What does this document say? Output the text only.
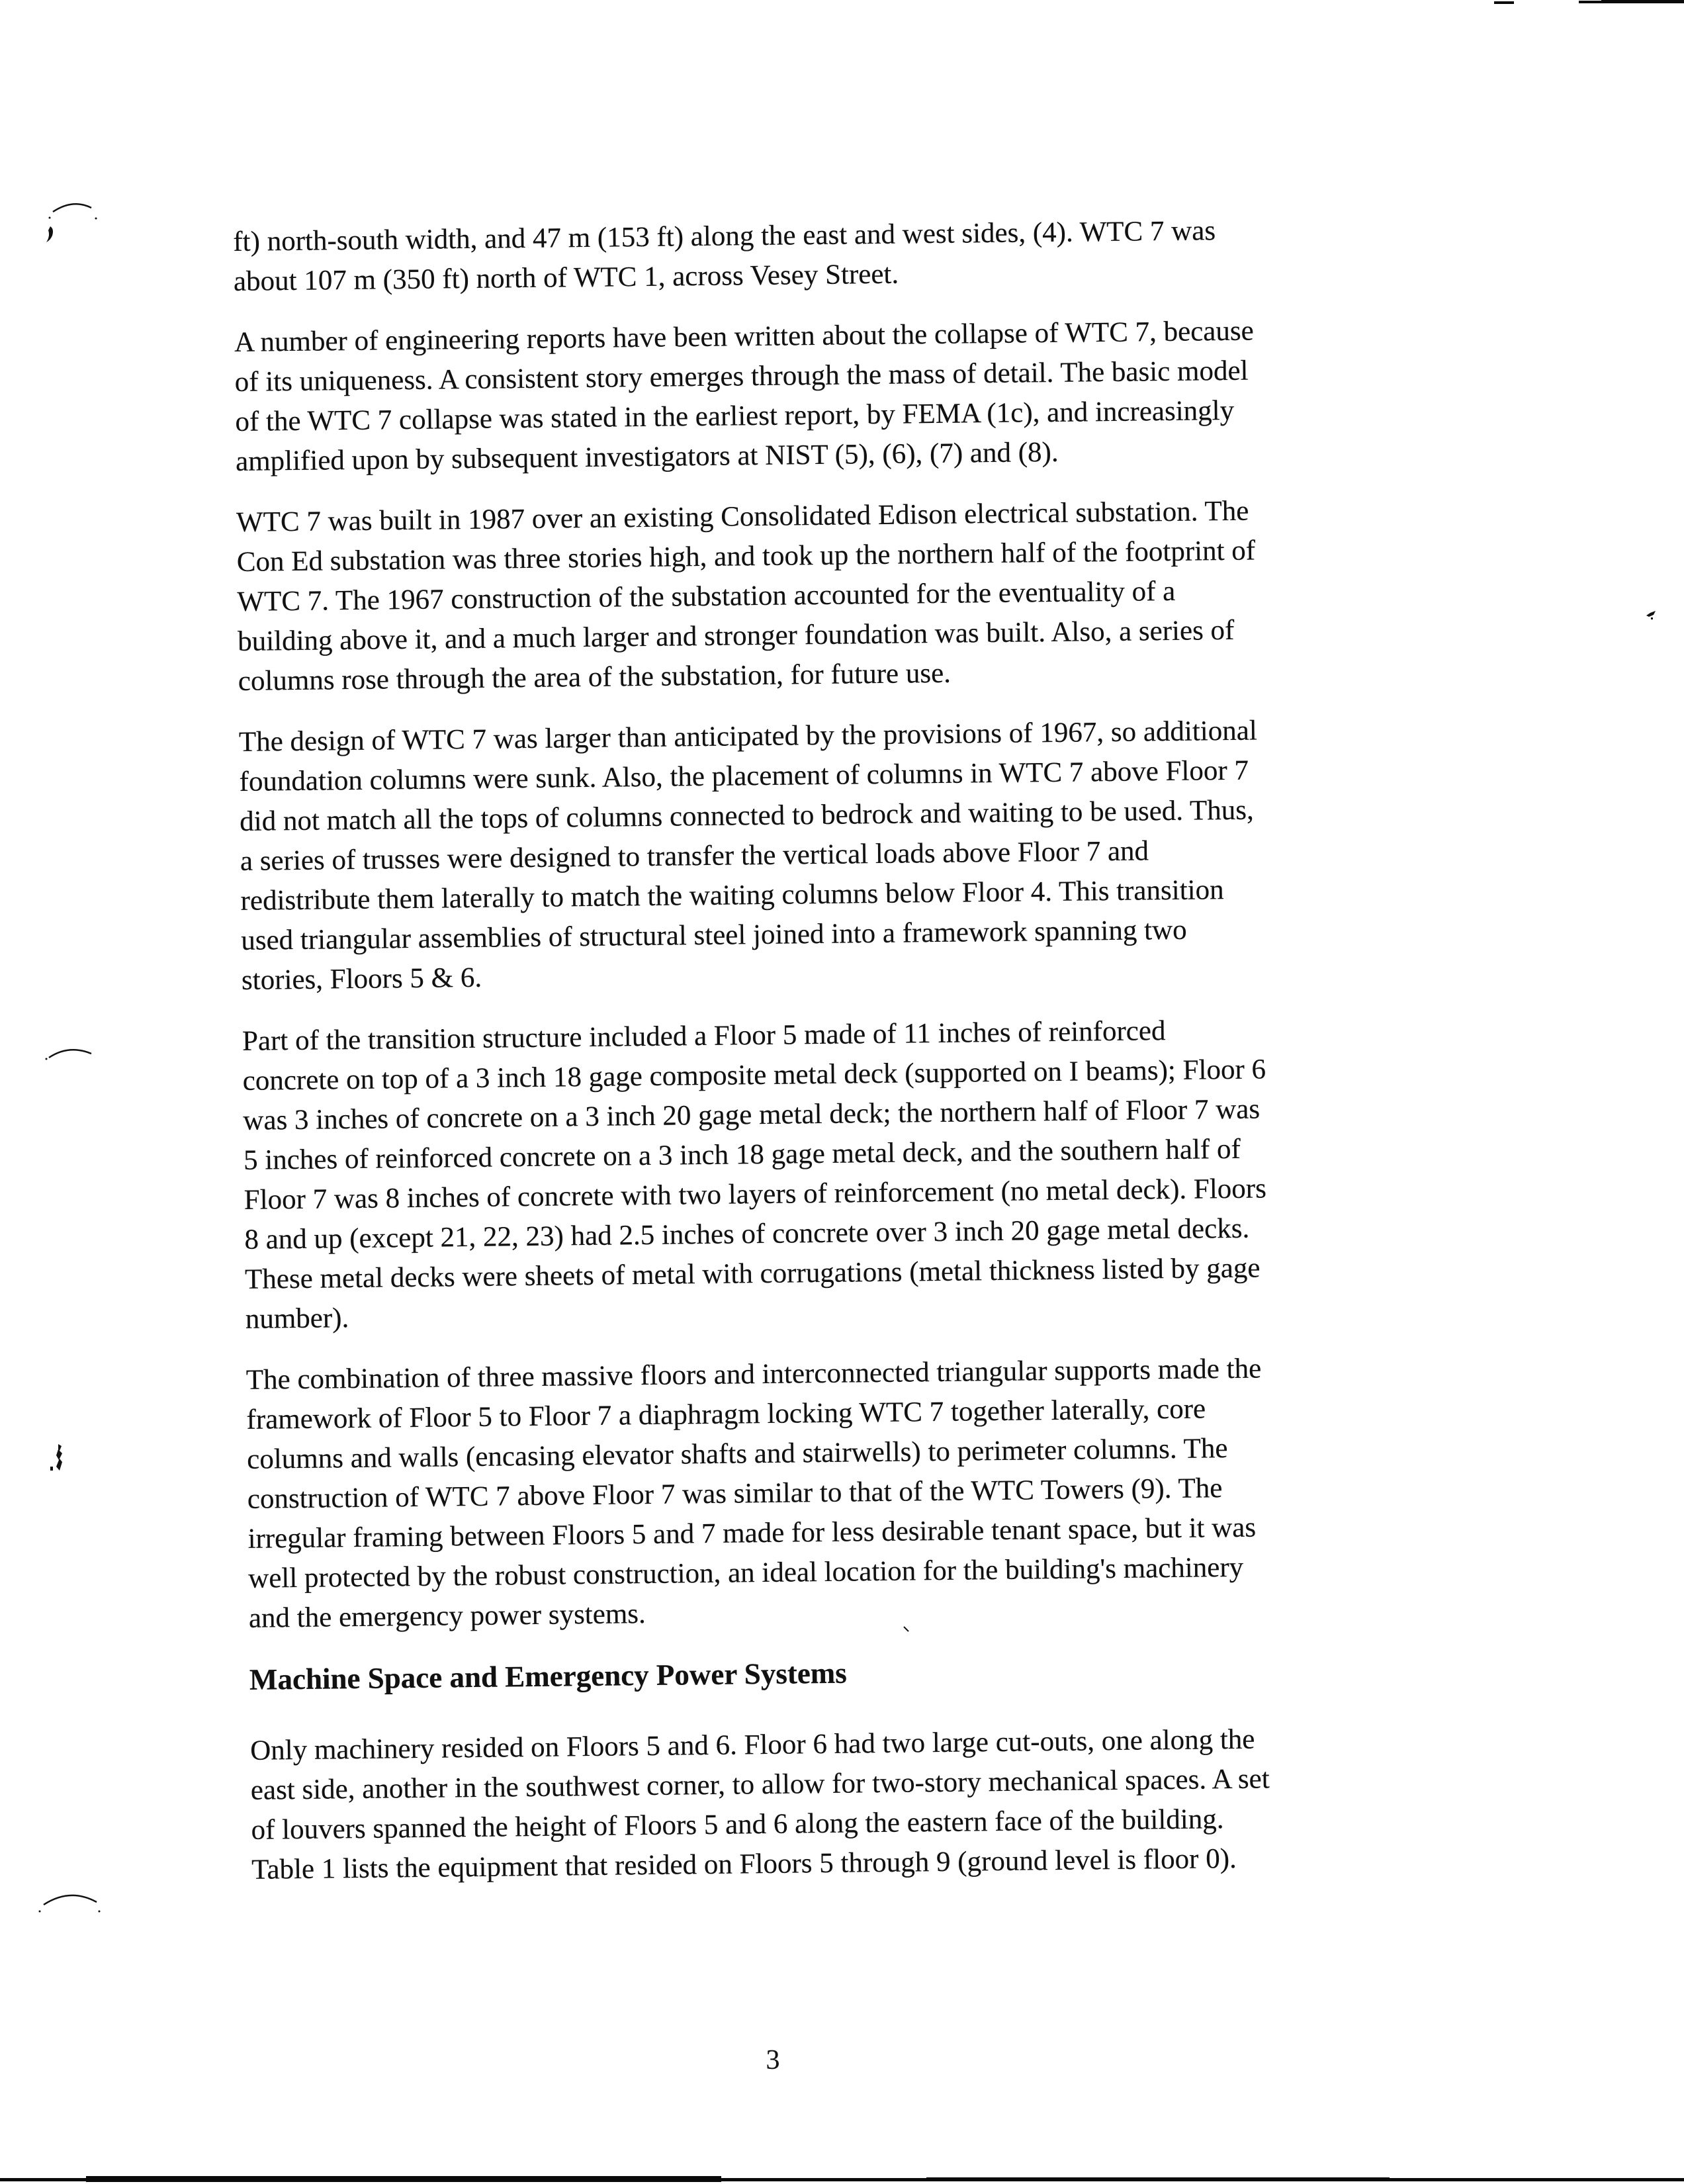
ft) north-south width, and 47 m (153 ft) along the east and west sides, (4). WTC 7 was
about 107 m (350 ft) north of WTC 1, across Vesey Street.

A number of engineering reports have been written about the collapse of WTC 7, because
of its uniqueness. A consistent story emerges through the mass of detail. The basic model
of the WTC 7 collapse was stated in the earliest report, by FEMA (1c), and increasingly
amplified upon by subsequent investigators at NIST (5), (6), (7) and (8).

WTC 7 was built in 1987 over an existing Consolidated Edison electrical substation. The
Con Ed substation was three stories high, and took up the northern half of the footprint of
WTC 7. The 1967 construction of the substation accounted for the eventuality of a
building above it, and a much larger and stronger foundation was built. Also, a series of
columns rose through the area of the substation, for future use.

The design of WTC 7 was larger than anticipated by the provisions of 1967, so additional
foundation columns were sunk. Also, the placement of columns in WTC 7 above Floor 7
did not match all the tops of columns connected to bedrock and waiting to be used. Thus,
a series of trusses were designed to transfer the vertical loads above Floor 7 and
redistribute them laterally to match the waiting columns below Floor 4. This transition
used triangular assemblies of structural steel joined into a framework spanning two
stories, Floors 5 & 6.

Part of the transition structure included a Floor 5 made of 11 inches of reinforced
concrete on top of a 3 inch 18 gage composite metal deck (supported on I beams); Floor 6
was 3 inches of concrete on a 3 inch 20 gage metal deck; the northern half of Floor 7 was
5 inches of reinforced concrete on a 3 inch 18 gage metal deck, and the southern half of
Floor 7 was 8 inches of concrete with two layers of reinforcement (no metal deck). Floors
8 and up (except 21, 22, 23) had 2.5 inches of concrete over 3 inch 20 gage metal decks.
These metal decks were sheets of metal with corrugations (metal thickness listed by gage
number).

The combination of three massive floors and interconnected triangular supports made the
framework of Floor 5 to Floor 7 a diaphragm locking WTC 7 together laterally, core
columns and walls (encasing elevator shafts and stairwells) to perimeter columns. The
construction of WTC 7 above Floor 7 was similar to that of the WTC Towers (9). The
irregular framing between Floors 5 and 7 made for less desirable tenant space, but it was
well protected by the robust construction, an ideal location for the building's machinery
and the emergency power systems.

Machine Space and Emergency Power Systems

Only machinery resided on Floors 5 and 6. Floor 6 had two large cut-outs, one along the
east side, another in the southwest corner, to allow for two-story mechanical spaces. A set
of louvers spanned the height of Floors 5 and 6 along the eastern face of the building.
Table 1 lists the equipment that resided on Floors 5 through 9 (ground level is floor 0).

3
